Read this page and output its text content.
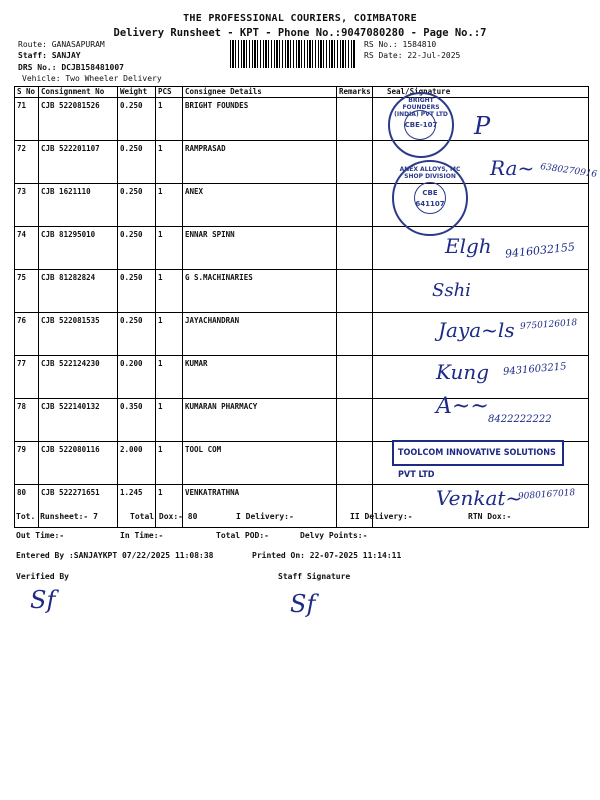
THE PROFESSIONAL COURIERS, COIMBATORE
Delivery Runsheet - KPT - Phone No.:9047080280 - Page No.:7
Route: GANASAPURAM
Staff: SANJAY
DRS No.: DCJB158481007
Vehicle: Two Wheeler Delivery
RS No.: 1584810
RS Date: 22-Jul-2025
S No	Consignment No	Weight	PCS	Consignee Details	Remarks	Seal/Signature
71	CJB 522081526	0.250	1	BRIGHT FOUNDES		
72	CJB 522201107	0.250	1	RAMPRASAD		
73	CJB 1621110	0.250	1	ANEX		
74	CJB 81295010	0.250	1	ENNAR SPINN		
75	CJB 81282824	0.250	1	G S.MACHINARIES		
76	CJB 522081535	0.250	1	JAYACHANDRAN		
77	CJB 522124230	0.200	1	KUMAR		
78	CJB 522140132	0.350	1	KUMARAN PHARMACY		
79	CJB 522080116	2.000	1	TOOL COM		
80	CJB 522271651	1.245	1	VENKATRATHNA		
BRIGHT FOUNDERS (INDIA) PVT LTD
CBE-107
ANEX ALLOYS, MC SHOP DIVISION
CBE
641107
TOOLCOM INNOVATIVE SOLUTIONS PVT LTD
P
Ra~ 6380270916
Elgh 9416032155
Sshi
Jaya~ls 9750126018
Kung 9431603215
A~~
8422222222
Venkat~
9080167018
Tot. Runsheet:- 7	Total Dox:- 80	I Delivery:-	II Delivery:-	RTN Dox:-
Out Time:-	In Time:-	Total POD:-	Delvy Points:-
Entered By :SANJAYKPT 07/22/2025 11:08:38	Printed On: 22-07-2025 11:14:11
Verified By	Staff Signature
Sf	Sf
